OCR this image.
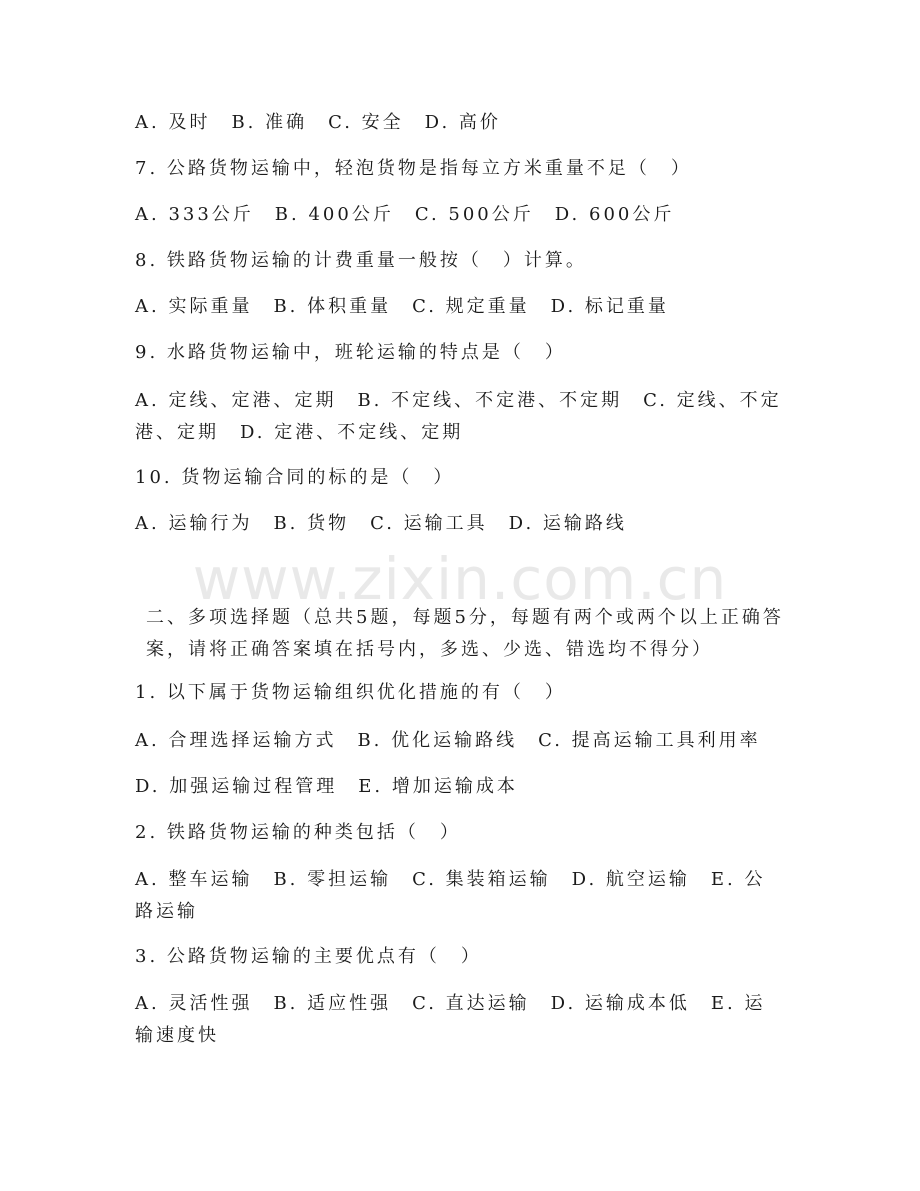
www.zixin.com.cn
A. 及时　B. 准确　C. 安全　D. 高价
7. 公路货物运输中，轻泡货物是指每立方米重量不足（　）
A. 333公斤　B. 400公斤　C. 500公斤　D. 600公斤
8. 铁路货物运输的计费重量一般按（　）计算。
A. 实际重量　B. 体积重量　C. 规定重量　D. 标记重量
9. 水路货物运输中，班轮运输的特点是（　）
A. 定线、定港、定期　B. 不定线、不定港、不定期　C. 定线、不定港、定期　D. 定港、不定线、定期
10. 货物运输合同的标的是（　）
A. 运输行为　B. 货物　C. 运输工具　D. 运输路线
二、多项选择题（总共5题，每题5分，每题有两个或两个以上正确答案，请将正确答案填在括号内，多选、少选、错选均不得分）
1. 以下属于货物运输组织优化措施的有（　）
A. 合理选择运输方式　B. 优化运输路线　C. 提高运输工具利用率
D. 加强运输过程管理　E. 增加运输成本
2. 铁路货物运输的种类包括（　）
A. 整车运输　B. 零担运输　C. 集装箱运输　D. 航空运输　E. 公路运输
3. 公路货物运输的主要优点有（　）
A. 灵活性强　B. 适应性强　C. 直达运输　D. 运输成本低　E. 运输速度快
